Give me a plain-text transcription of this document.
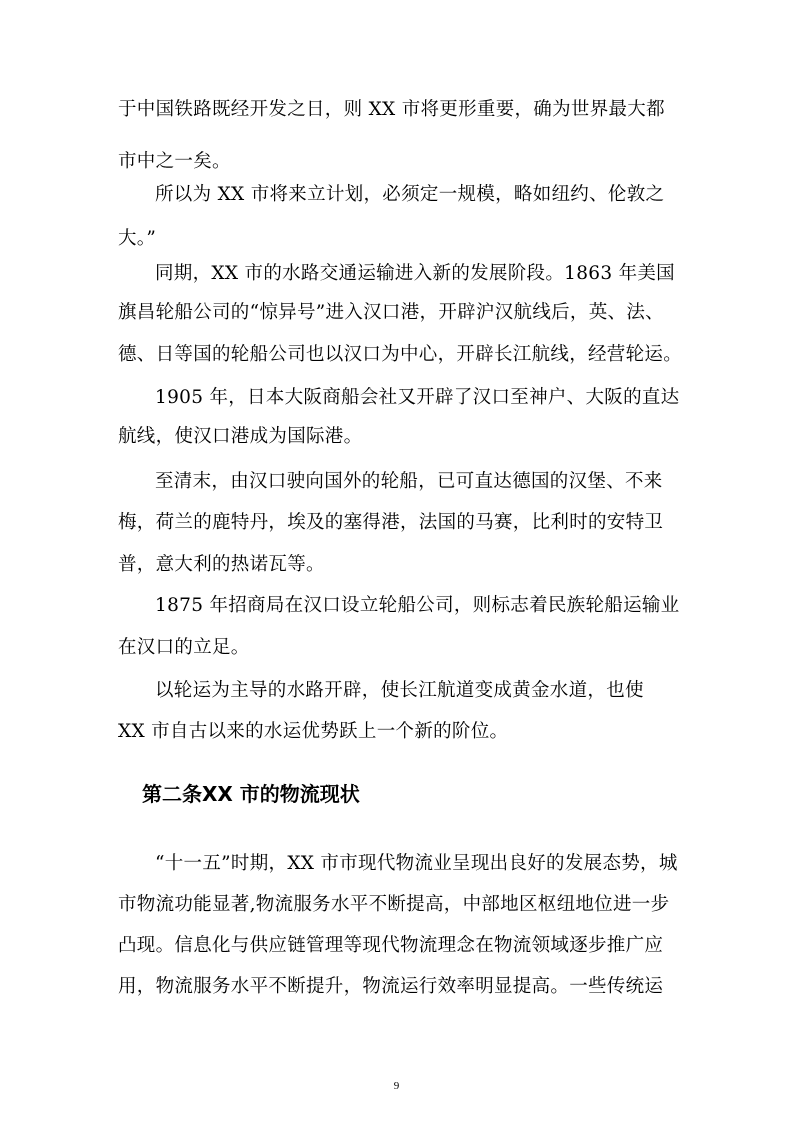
于中国铁路既经开发之日，则 XX 市将更形重要，确为世界最大都
市中之一矣。
所以为 XX 市将来立计划，必须定一规模，略如纽约、伦敦之
大。”
同期，XX 市的水路交通运输进入新的发展阶段。1863 年美国
旗昌轮船公司的“惊异号”进入汉口港，开辟沪汉航线后，英、法、
德、日等国的轮船公司也以汉口为中心，开辟长江航线，经营轮运。
1905 年，日本大阪商船会社又开辟了汉口至神户、大阪的直达
航线，使汉口港成为国际港。
至清末，由汉口驶向国外的轮船，已可直达德国的汉堡、不来
梅，荷兰的鹿特丹，埃及的塞得港，法国的马赛，比利时的安特卫
普，意大利的热诺瓦等。
1875 年招商局在汉口设立轮船公司，则标志着民族轮船运输业
在汉口的立足。
以轮运为主导的水路开辟，使长江航道变成黄金水道，也使
XX 市自古以来的水运优势跃上一个新的阶位。
第二条XX 市的物流现状
“十一五”时期，XX 市市现代物流业呈现出良好的发展态势，城
市物流功能显著,物流服务水平不断提高，中部地区枢纽地位进一步
凸现。信息化与供应链管理等现代物流理念在物流领域逐步推广应
用，物流服务水平不断提升，物流运行效率明显提高。一些传统运
9
